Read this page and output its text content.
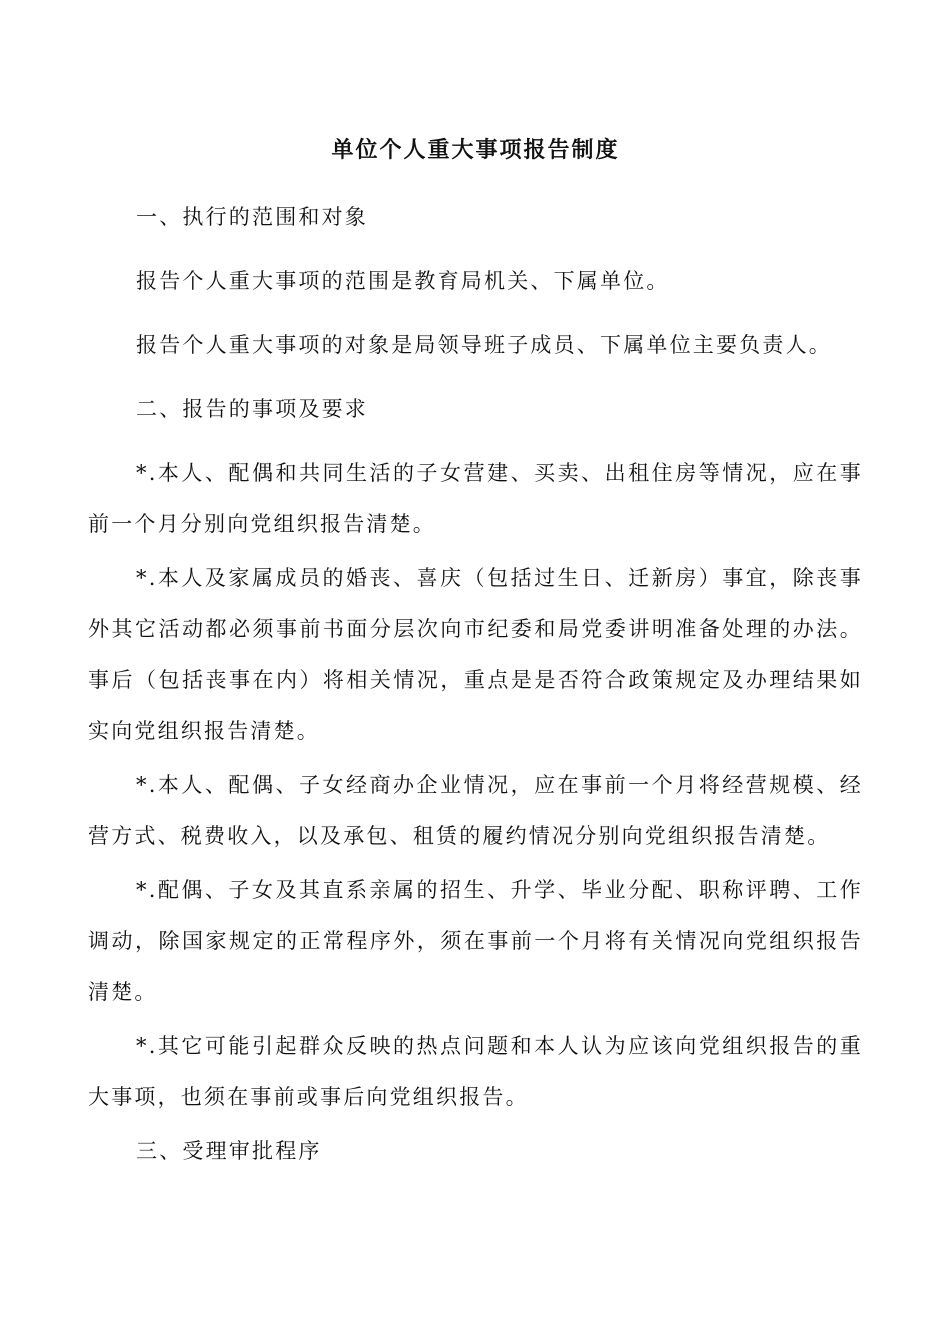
单位个人重大事项报告制度

一、执行的范围和对象

报告个人重大事项的范围是教育局机关、下属单位。

报告个人重大事项的对象是局领导班子成员、下属单位主要负责人。

二、报告的事项及要求

*.本人、配偶和共同生活的子女营建、买卖、出租住房等情况，应在事前一个月分别向党组织报告清楚。

*.本人及家属成员的婚丧、喜庆（包括过生日、迁新房）事宜，除丧事外其它活动都必须事前书面分层次向市纪委和局党委讲明准备处理的办法。事后（包括丧事在内）将相关情况，重点是是否符合政策规定及办理结果如实向党组织报告清楚。

*.本人、配偶、子女经商办企业情况，应在事前一个月将经营规模、经营方式、税费收入，以及承包、租赁的履约情况分别向党组织报告清楚。

*.配偶、子女及其直系亲属的招生、升学、毕业分配、职称评聘、工作调动，除国家规定的正常程序外，须在事前一个月将有关情况向党组织报告清楚。

*.其它可能引起群众反映的热点问题和本人认为应该向党组织报告的重大事项，也须在事前或事后向党组织报告。

三、受理审批程序
